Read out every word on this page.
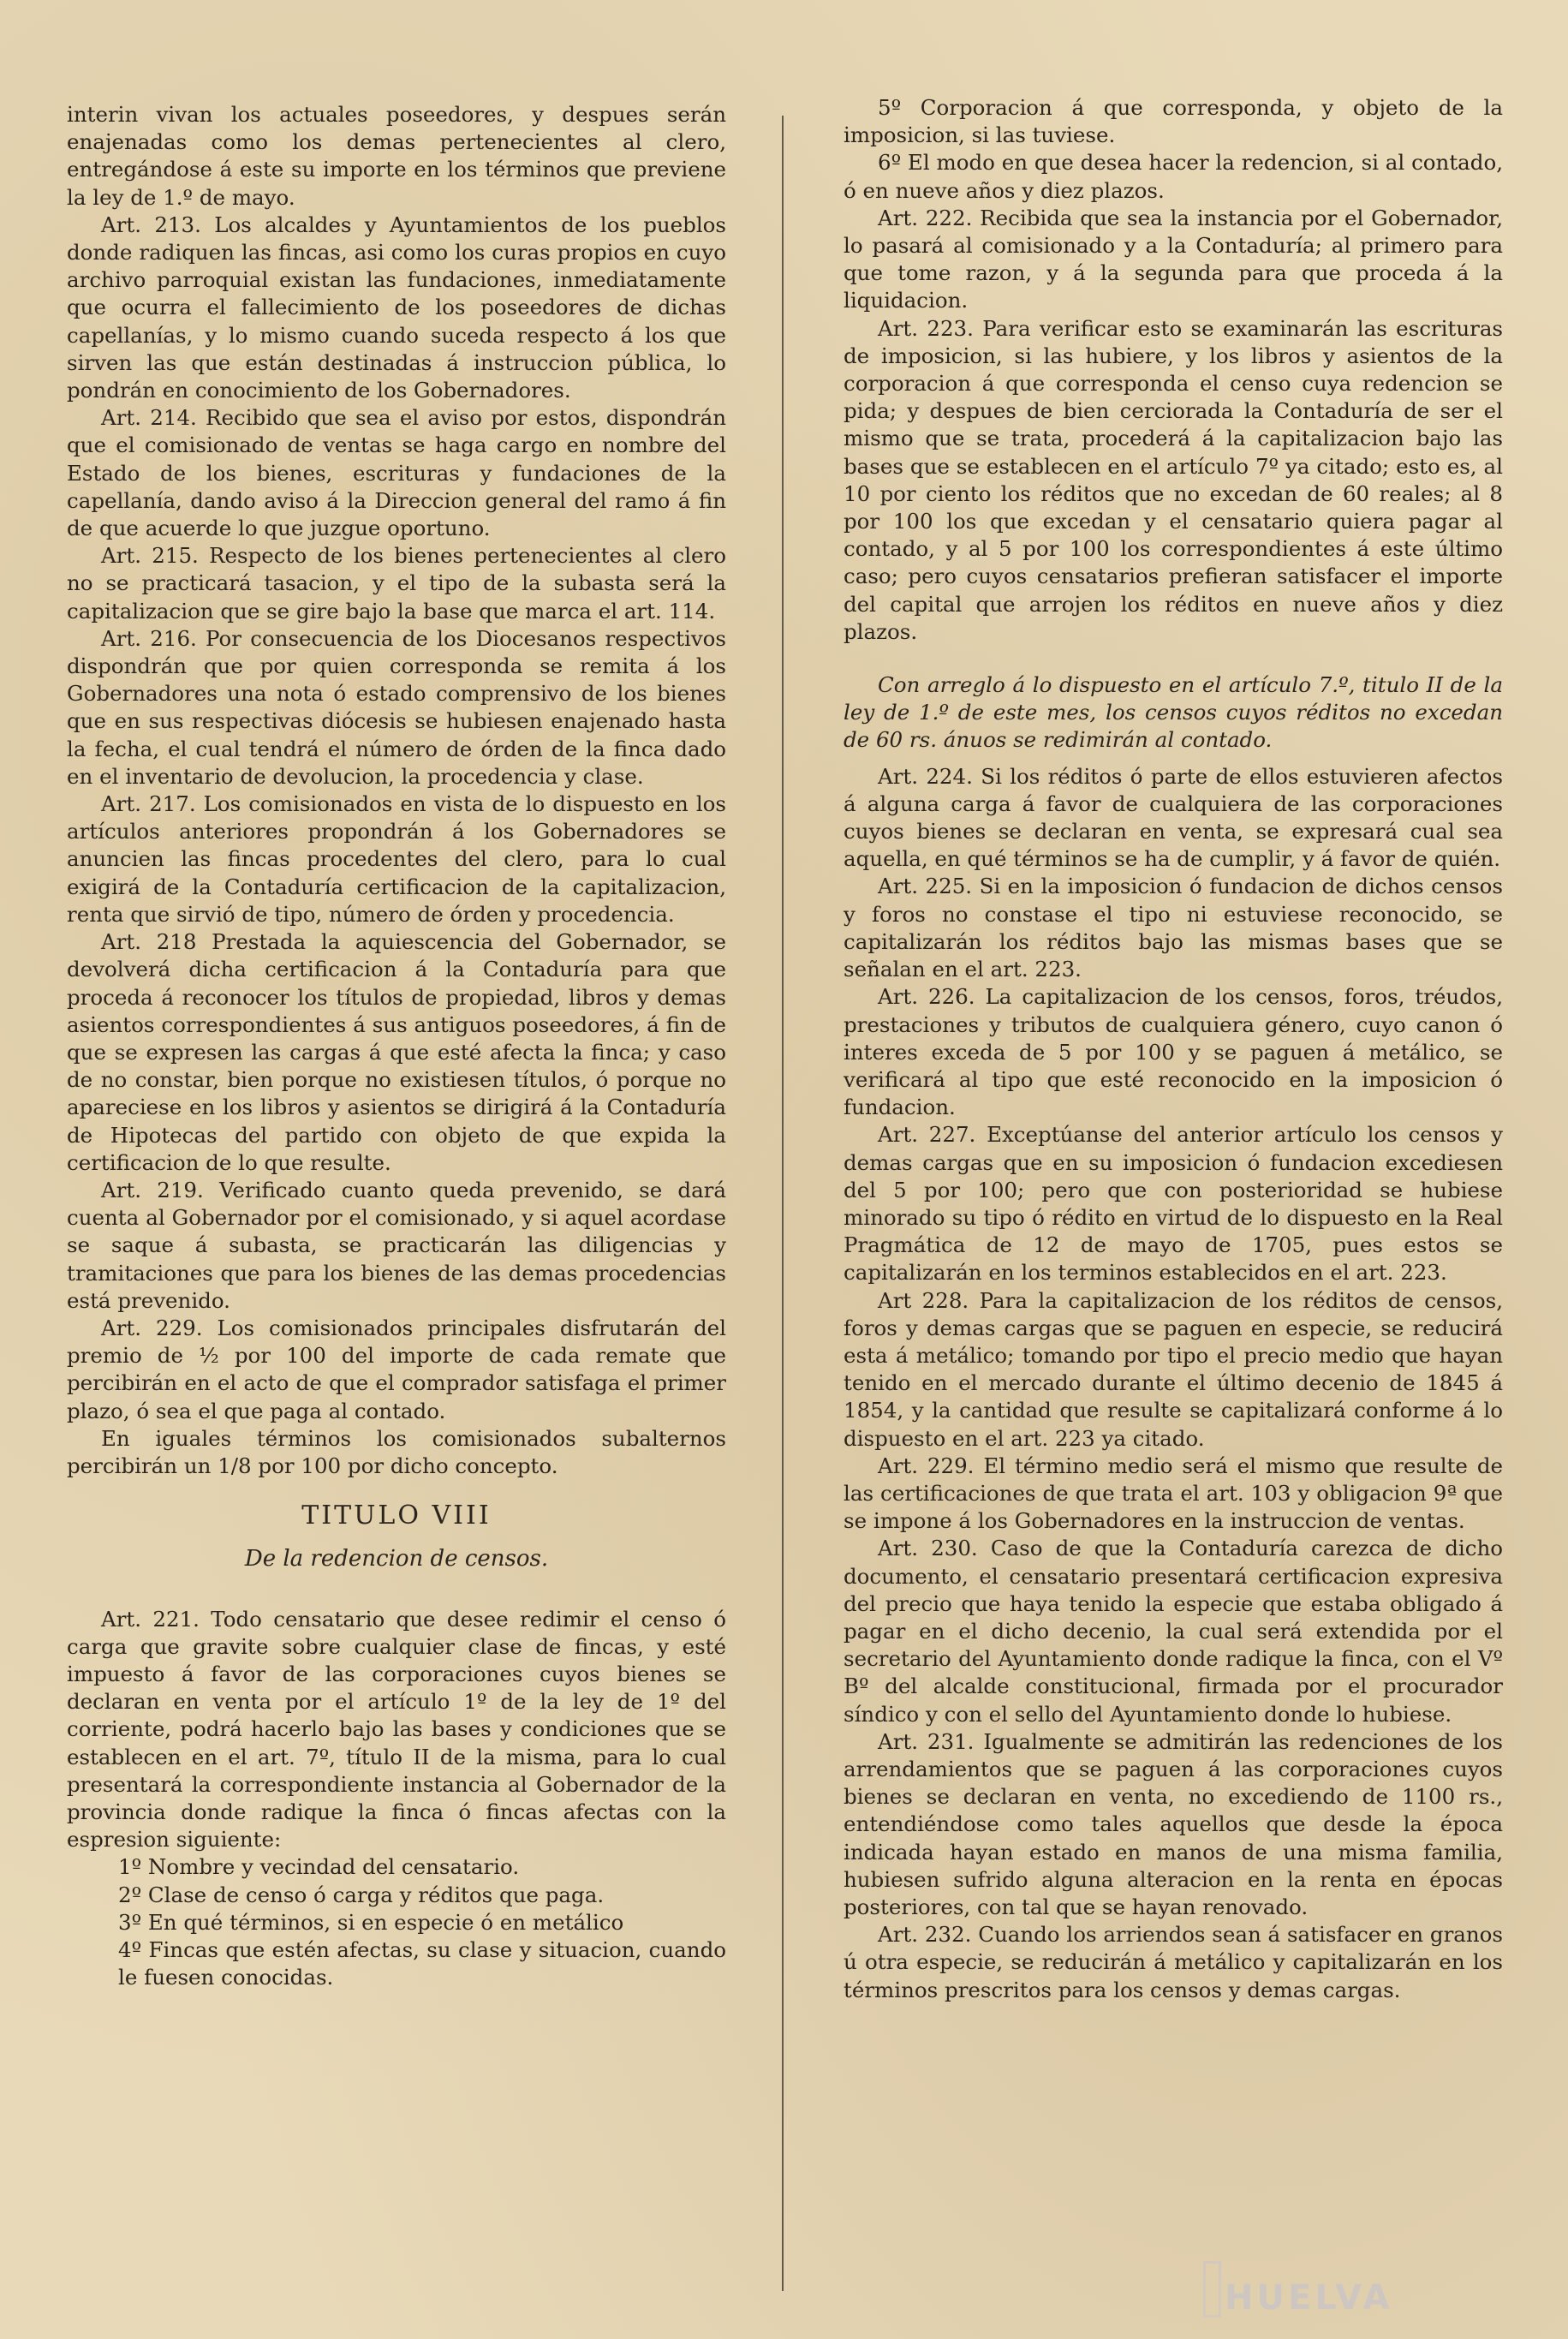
interin vivan los actuales poseedores, y despues serán enajenadas como los demas pertenecientes al clero, entregándose á este su importe en los términos que previene la ley de 1.º de mayo.

Art. 213. Los alcaldes y Ayuntamientos de los pueblos donde radiquen las fincas, asi como los curas propios en cuyo archivo parroquial existan las fundaciones, inmediatamente que ocurra el fallecimiento de los poseedores de dichas capellanías, y lo mismo cuando suceda respecto á los que sirven las que están destinadas á instruccion pública, lo pondrán en conocimiento de los Gobernadores.

Art. 214. Recibido que sea el aviso por estos, dispondrán que el comisionado de ventas se haga cargo en nombre del Estado de los bienes, escrituras y fundaciones de la capellanía, dando aviso á la Direccion general del ramo á fin de que acuerde lo que juzgue oportuno.

Art. 215. Respecto de los bienes pertenecientes al clero no se practicará tasacion, y el tipo de la subasta será la capitalizacion que se gire bajo la base que marca el art. 114.

Art. 216. Por consecuencia de los Diocesanos respectivos dispondrán que por quien corresponda se remita á los Gobernadores una nota ó estado comprensivo de los bienes que en sus respectivas diócesis se hubiesen enajenado hasta la fecha, el cual tendrá el número de órden de la finca dado en el inventario de devolucion, la procedencia y clase.

Art. 217. Los comisionados en vista de lo dispuesto en los artículos anteriores propondrán á los Gobernadores se anuncien las fincas procedentes del clero, para lo cual exigirá de la Contaduría certificacion de la capitalizacion, renta que sirvió de tipo, número de órden y procedencia.

Art. 218 Prestada la aquiescencia del Gobernador, se devolverá dicha certificacion á la Contaduría para que proceda á reconocer los títulos de propiedad, libros y demas asientos correspondientes á sus antiguos poseedores, á fin de que se expresen las cargas á que esté afecta la finca; y caso de no constar, bien porque no existiesen títulos, ó porque no apareciese en los libros y asientos se dirigirá á la Contaduría de Hipotecas del partido con objeto de que expida la certificacion de lo que resulte.

Art. 219. Verificado cuanto queda prevenido, se dará cuenta al Gobernador por el comisionado, y si aquel acordase se saque á subasta, se practicarán las diligencias y tramitaciones que para los bienes de las demas procedencias está prevenido.

Art. 229. Los comisionados principales disfrutarán del premio de ½ por 100 del importe de cada remate que percibirán en el acto de que el comprador satisfaga el primer plazo, ó sea el que paga al contado.

En iguales términos los comisionados subalternos percibirán un 1/8 por 100 por dicho concepto.

TITULO VIII
De la redencion de censos.

Art. 221. Todo censatario que desee redimir el censo ó carga que gravite sobre cualquier clase de fincas, y esté impuesto á favor de las corporaciones cuyos bienes se declaran en venta por el artículo 1º de la ley de 1º del corriente, podrá hacerlo bajo las bases y condiciones que se establecen en el art. 7º, título II de la misma, para lo cual presentará la correspondiente instancia al Gobernador de la provincia donde radique la finca ó fincas afectas con la espresion siguiente:

1º Nombre y vecindad del censatario.

2º Clase de censo ó carga y réditos que paga.

3º En qué términos, si en especie ó en metálico

4º Fincas que estén afectas, su clase y situacion, cuando le fuesen conocidas.

5º Corporacion á que corresponda, y objeto de la imposicion, si las tuviese.

6º El modo en que desea hacer la redencion, si al contado, ó en nueve años y diez plazos.

Art. 222. Recibida que sea la instancia por el Gobernador, lo pasará al comisionado y a la Contaduría; al primero para que tome razon, y á la segunda para que proceda á la liquidacion.

Art. 223. Para verificar esto se examinarán las escrituras de imposicion, si las hubiere, y los libros y asientos de la corporacion á que corresponda el censo cuya redencion se pida; y despues de bien cerciorada la Contaduría de ser el mismo que se trata, procederá á la capitalizacion bajo las bases que se establecen en el artículo 7º ya citado; esto es, al 10 por ciento los réditos que no excedan de 60 reales; al 8 por 100 los que excedan y el censatario quiera pagar al contado, y al 5 por 100 los correspondientes á este último caso; pero cuyos censatarios prefieran satisfacer el importe del capital que arrojen los réditos en nueve años y diez plazos.

Con arreglo á lo dispuesto en el artículo 7.º, titulo II de la ley de 1.º de este mes, los censos cuyos réditos no excedan de 60 rs. ánuos se redimirán al contado.

Art. 224. Si los réditos ó parte de ellos estuvieren afectos á alguna carga á favor de cualquiera de las corporaciones cuyos bienes se declaran en venta, se expresará cual sea aquella, en qué términos se ha de cumplir, y á favor de quién.

Art. 225. Si en la imposicion ó fundacion de dichos censos y foros no constase el tipo ni estuviese reconocido, se capitalizarán los réditos bajo las mismas bases que se señalan en el art. 223.

Art. 226. La capitalizacion de los censos, foros, tréudos, prestaciones y tributos de cualquiera género, cuyo canon ó interes exceda de 5 por 100 y se paguen á metálico, se verificará al tipo que esté reconocido en la imposicion ó fundacion.

Art. 227. Exceptúanse del anterior artículo los censos y demas cargas que en su imposicion ó fundacion excediesen del 5 por 100; pero que con posterioridad se hubiese minorado su tipo ó rédito en virtud de lo dispuesto en la Real Pragmática de 12 de mayo de 1705, pues estos se capitalizarán en los terminos establecidos en el art. 223.

Art 228. Para la capitalizacion de los réditos de censos, foros y demas cargas que se paguen en especie, se reducirá esta á metálico; tomando por tipo el precio medio que hayan tenido en el mercado durante el último decenio de 1845 á 1854, y la cantidad que resulte se capitalizará conforme á lo dispuesto en el art. 223 ya citado.

Art. 229. El término medio será el mismo que resulte de las certificaciones de que trata el art. 103 y obligacion 9ª que se impone á los Gobernadores en la instruccion de ventas.

Art. 230. Caso de que la Contaduría carezca de dicho documento, el censatario presentará certificacion expresiva del precio que haya tenido la especie que estaba obligado á pagar en el dicho decenio, la cual será extendida por el secretario del Ayuntamiento donde radique la finca, con el Vº Bº del alcalde constitucional, firmada por el procurador síndico y con el sello del Ayuntamiento donde lo hubiese.

Art. 231. Igualmente se admitirán las redenciones de los arrendamientos que se paguen á las corporaciones cuyos bienes se declaran en venta, no excediendo de 1100 rs., entendiéndose como tales aquellos que desde la época indicada hayan estado en manos de una misma familia, hubiesen sufrido alguna alteracion en la renta en épocas posteriores, con tal que se hayan renovado.

Art. 232. Cuando los arriendos sean á satisfacer en granos ú otra especie, se reducirán á metálico y capitalizarán en los términos prescritos para los censos y demas cargas.

HUELVA
